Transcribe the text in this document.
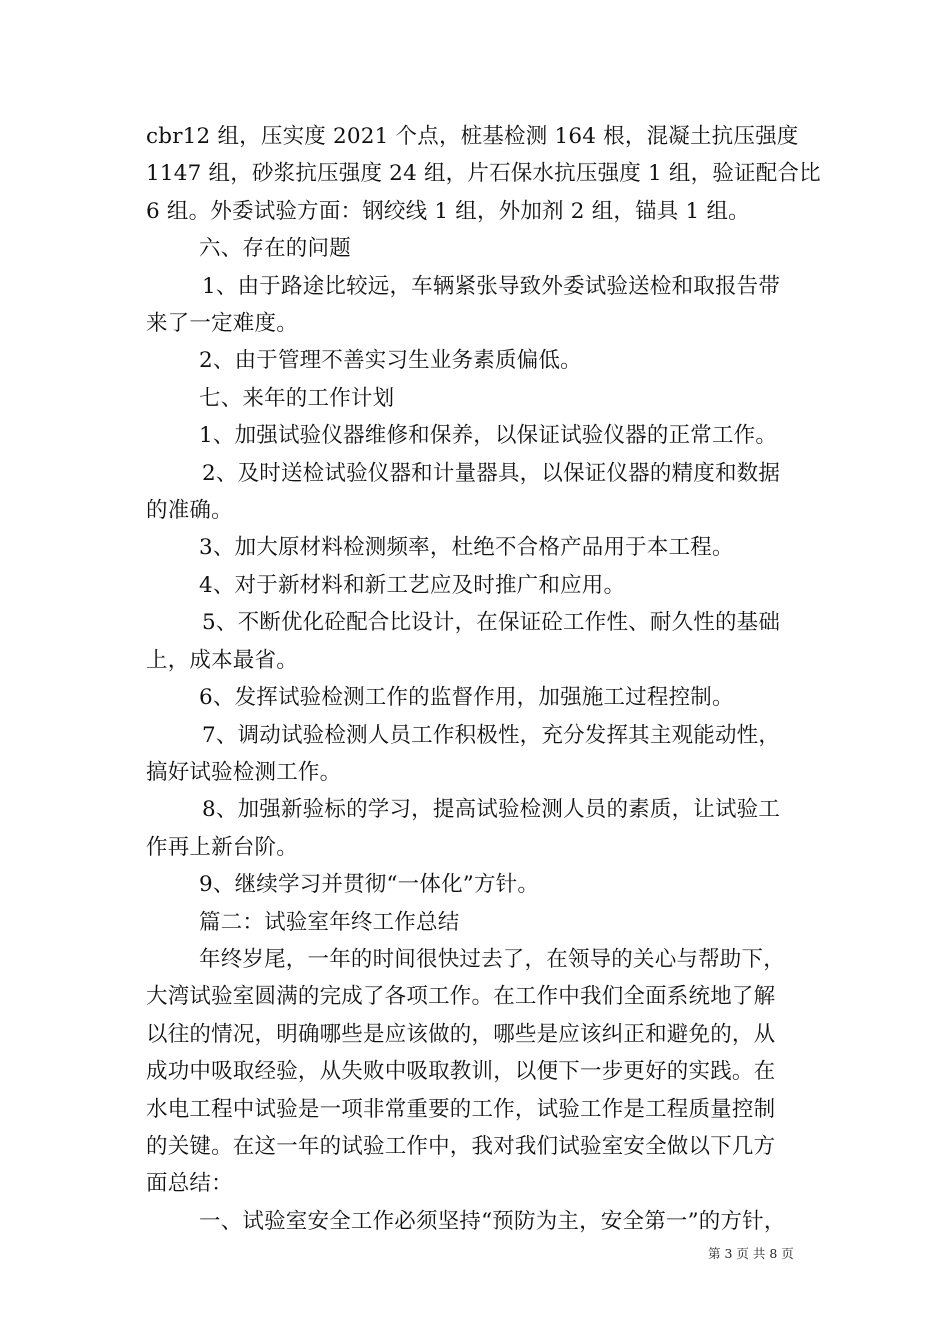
cbr12 组，压实度 2021 个点，桩基检测 164 根，混凝土抗压强度

1147 组，砂浆抗压强度 24 组，片石保水抗压强度 1 组，验证配合比

6 组。外委试验方面：钢绞线 1 组，外加剂 2 组，锚具 1 组。

六、存在的问题

1、由于路途比较远，车辆紧张导致外委试验送检和取报告带

来了一定难度。

2、由于管理不善实习生业务素质偏低。

七、来年的工作计划

1、加强试验仪器维修和保养，以保证试验仪器的正常工作。

2、及时送检试验仪器和计量器具，以保证仪器的精度和数据

的准确。

3、加大原材料检测频率，杜绝不合格产品用于本工程。

4、对于新材料和新工艺应及时推广和应用。

5、不断优化砼配合比设计，在保证砼工作性、耐久性的基础

上，成本最省。

6、发挥试验检测工作的监督作用，加强施工过程控制。

7、调动试验检测人员工作积极性，充分发挥其主观能动性，

搞好试验检测工作。

8、加强新验标的学习，提高试验检测人员的素质，让试验工

作再上新台阶。

9、继续学习并贯彻“一体化”方针。

篇二：试验室年终工作总结

年终岁尾，一年的时间很快过去了，在领导的关心与帮助下，

大湾试验室圆满的完成了各项工作。在工作中我们全面系统地了解

以往的情况，明确哪些是应该做的，哪些是应该纠正和避免的，从

成功中吸取经验，从失败中吸取教训，以便下一步更好的实践。在

水电工程中试验是一项非常重要的工作，试验工作是工程质量控制

的关键。在这一年的试验工作中，我对我们试验室安全做以下几方

面总结：

一、试验室安全工作必须坚持“预防为主，安全第一”的方针，

第 3 页 共 8 页
